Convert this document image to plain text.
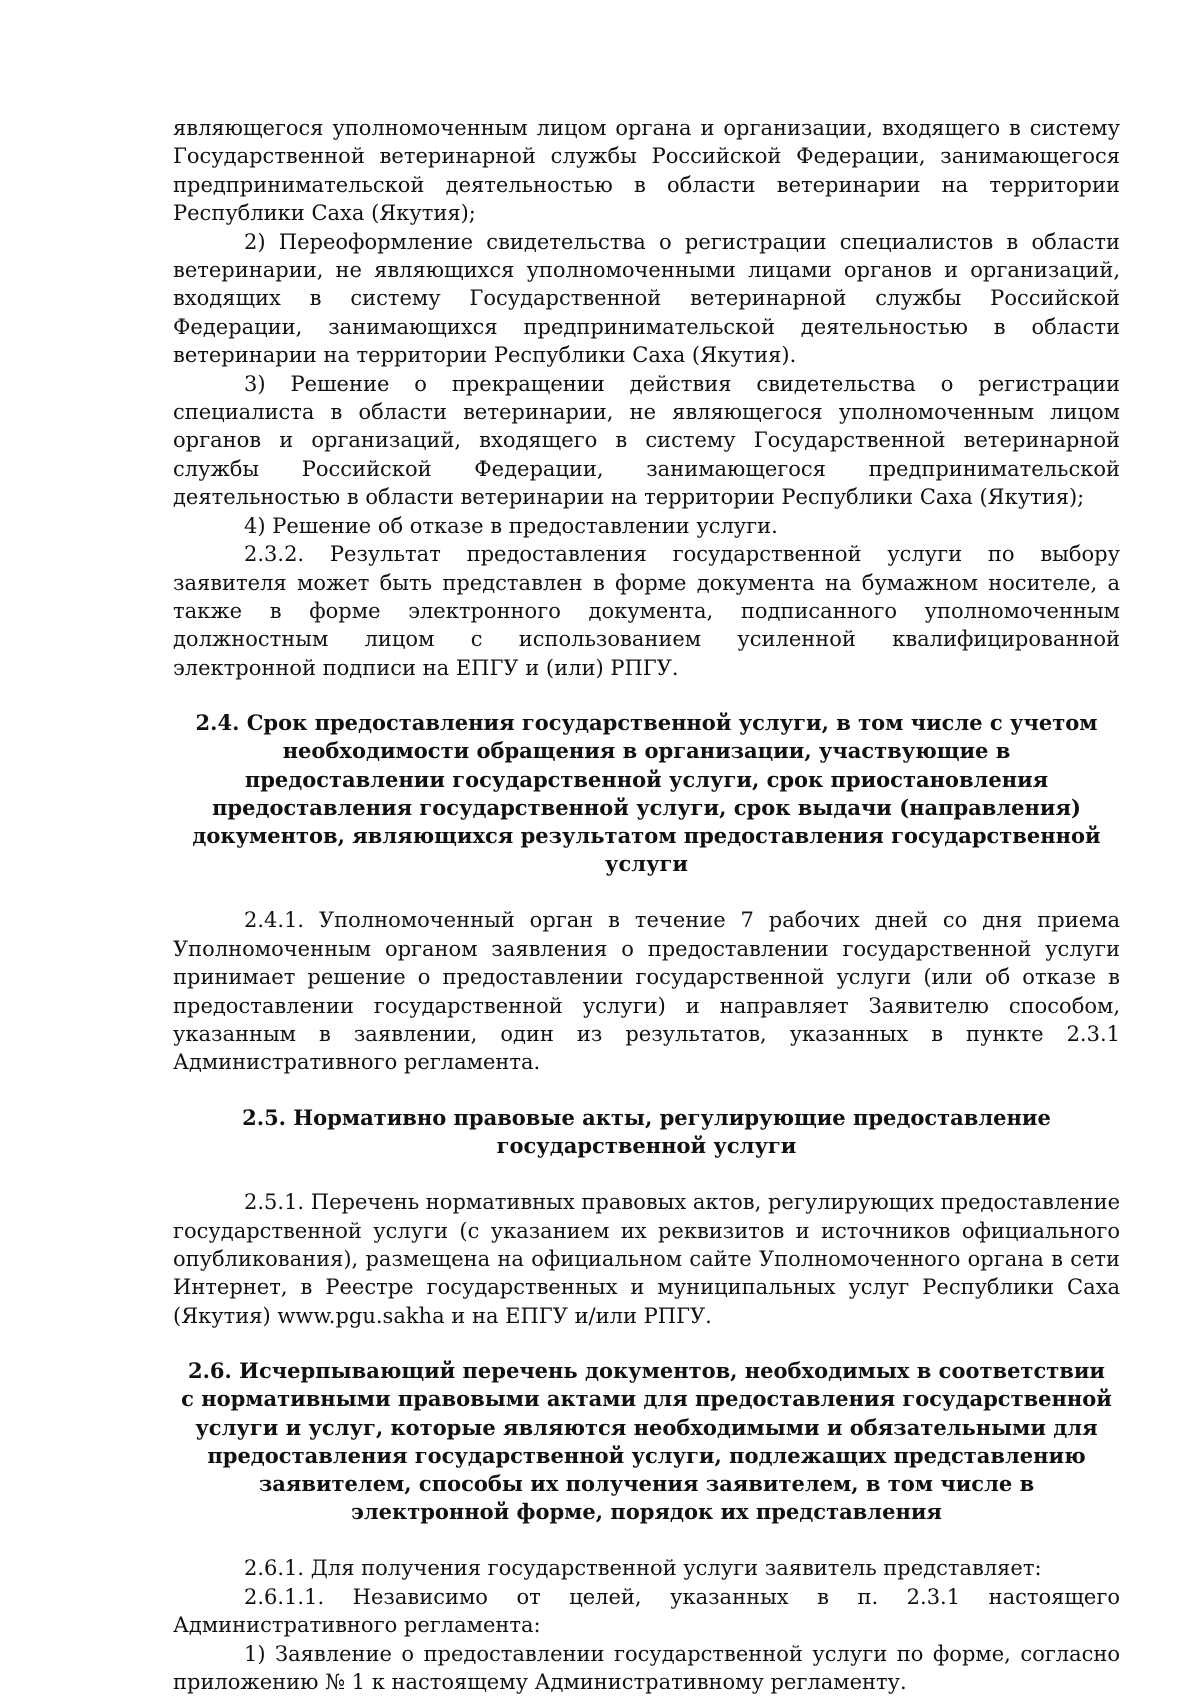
являющегося уполномоченным лицом органа и организации, входящего в систему Государственной ветеринарной службы Российской Федерации, занимающегося предпринимательской деятельностью в области ветеринарии на территории Республики Саха (Якутия);

2) Переоформление свидетельства о регистрации специалистов в области ветеринарии, не являющихся уполномоченными лицами органов и организаций, входящих в систему Государственной ветеринарной службы Российской Федерации, занимающихся предпринимательской деятельностью в области ветеринарии на территории Республики Саха (Якутия).

3) Решение о прекращении действия свидетельства о регистрации специалиста в области ветеринарии, не являющегося уполномоченным лицом органов и организаций, входящего в систему Государственной ветеринарной службы Российской Федерации, занимающегося предпринимательской деятельностью в области ветеринарии на территории Республики Саха (Якутия);

4) Решение об отказе в предоставлении услуги.

2.3.2. Результат предоставления государственной услуги по выбору заявителя может быть представлен в форме документа на бумажном носителе, а также в форме электронного документа, подписанного уполномоченным должностным лицом с использованием усиленной квалифицированной электронной подписи на ЕПГУ и (или) РПГУ.

2.4. Срок предоставления государственной услуги, в том числе с учетом необходимости обращения в организации, участвующие в предоставлении государственной услуги, срок приостановления предоставления государственной услуги, срок выдачи (направления) документов, являющихся результатом предоставления государственной услуги

2.4.1. Уполномоченный орган в течение 7 рабочих дней со дня приема Уполномоченным органом заявления о предоставлении государственной услуги принимает решение о предоставлении государственной услуги (или об отказе в предоставлении государственной услуги) и направляет Заявителю способом, указанным в заявлении, один из результатов, указанных в пункте 2.3.1 Административного регламента.

2.5. Нормативно правовые акты, регулирующие предоставление государственной услуги

2.5.1. Перечень нормативных правовых актов, регулирующих предоставление государственной услуги (с указанием их реквизитов и источников официального опубликования), размещена на официальном сайте Уполномоченного органа в сети Интернет, в Реестре государственных и муниципальных услуг Республики Саха (Якутия) www.pgu.sakha и на ЕПГУ и/или РПГУ.

2.6. Исчерпывающий перечень документов, необходимых в соответствии с нормативными правовыми актами для предоставления государственной услуги и услуг, которые являются необходимыми и обязательными для предоставления государственной услуги, подлежащих представлению заявителем, способы их получения заявителем, в том числе в электронной форме, порядок их представления

2.6.1. Для получения государственной услуги заявитель представляет:

2.6.1.1. Независимо от целей, указанных в п. 2.3.1 настоящего Административного регламента:

1) Заявление о предоставлении государственной услуги по форме, согласно приложению № 1 к настоящему Административному регламенту.
